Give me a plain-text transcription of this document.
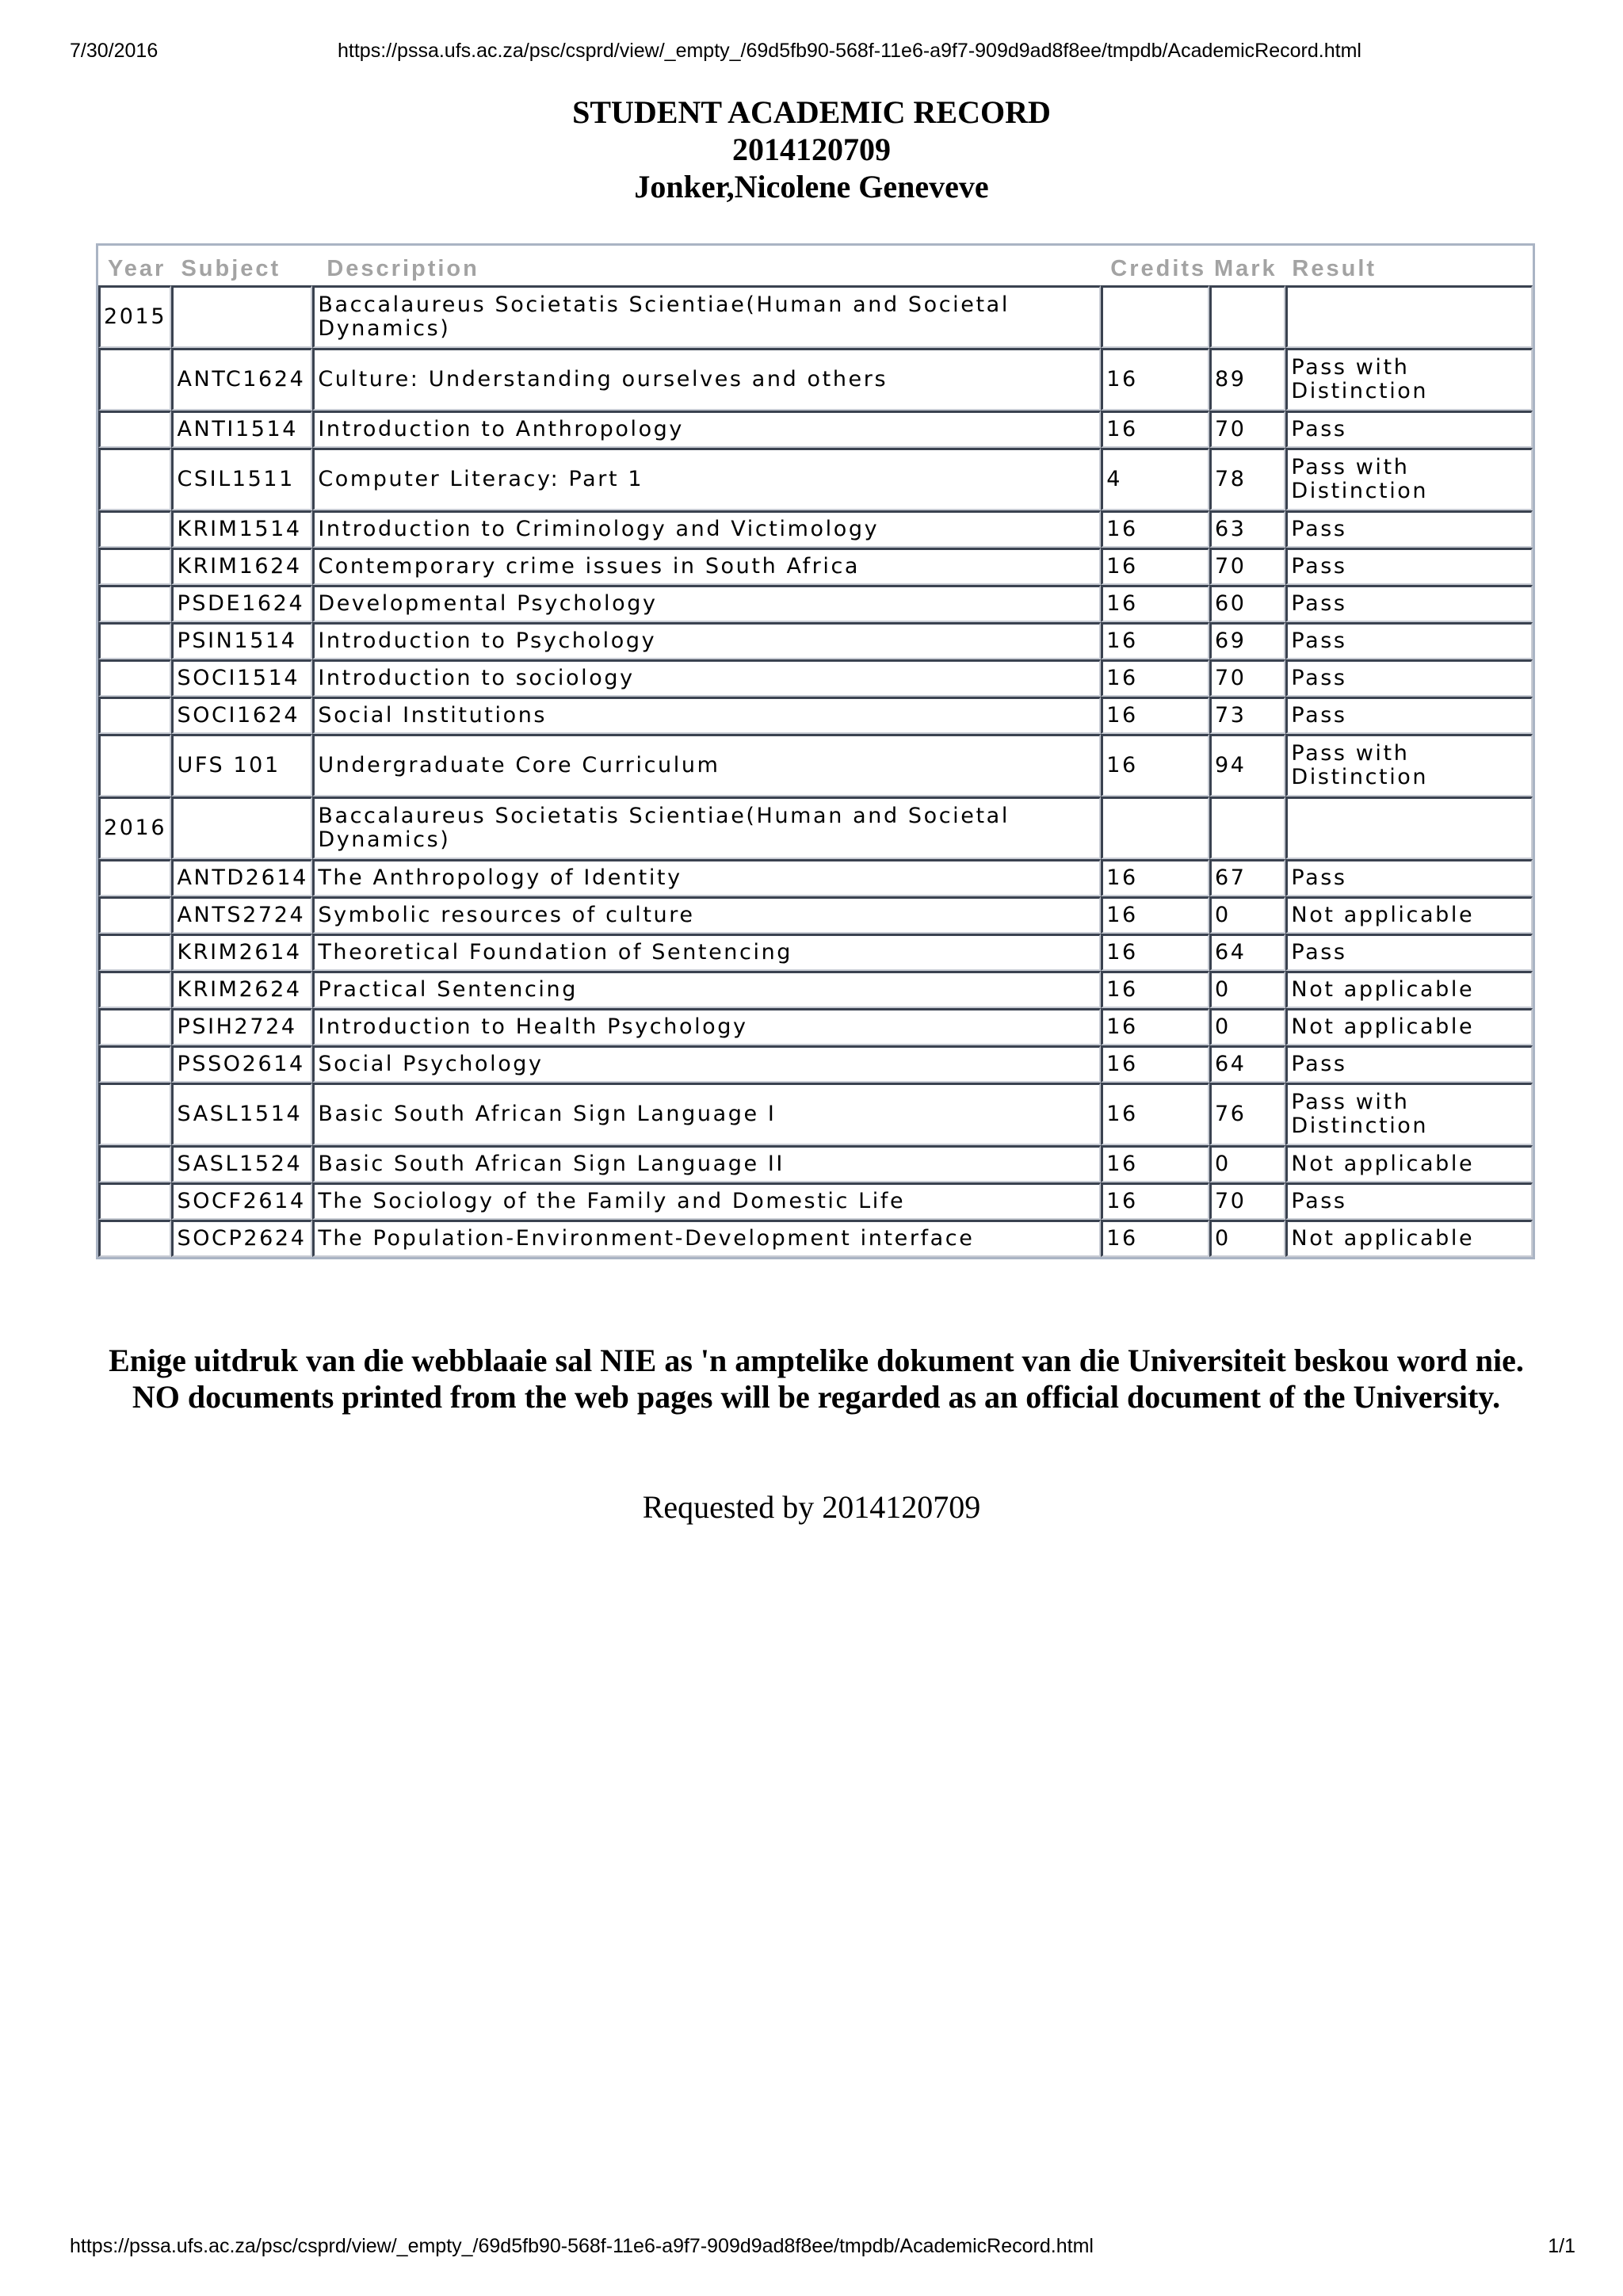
7/30/2016	https://pssa.ufs.ac.za/psc/csprd/view/_empty_/69d5fb90-568f-11e6-a9f7-909d9ad8f8ee/tmpdb/AcademicRecord.html
STUDENT ACADEMIC RECORD
2014120709
Jonker,Nicolene Geneveve
Year	Subject	Description	Credits	Mark	Result
2015		Baccalaureus Societatis Scientiae(Human and Societal Dynamics)			
	ANTC1624	Culture: Understanding ourselves and others	16	89	Pass with Distinction
	ANTI1514	Introduction to Anthropology	16	70	Pass
	CSIL1511	Computer Literacy: Part 1	4	78	Pass with Distinction
	KRIM1514	Introduction to Criminology and Victimology	16	63	Pass
	KRIM1624	Contemporary crime issues in South Africa	16	70	Pass
	PSDE1624	Developmental Psychology	16	60	Pass
	PSIN1514	Introduction to Psychology	16	69	Pass
	SOCI1514	Introduction to sociology	16	70	Pass
	SOCI1624	Social Institutions	16	73	Pass
	UFS 101	Undergraduate Core Curriculum	16	94	Pass with Distinction
2016		Baccalaureus Societatis Scientiae(Human and Societal Dynamics)			
	ANTD2614	The Anthropology of Identity	16	67	Pass
	ANTS2724	Symbolic resources of culture	16	0	Not applicable
	KRIM2614	Theoretical Foundation of Sentencing	16	64	Pass
	KRIM2624	Practical Sentencing	16	0	Not applicable
	PSIH2724	Introduction to Health Psychology	16	0	Not applicable
	PSSO2614	Social Psychology	16	64	Pass
	SASL1514	Basic South African Sign Language I	16	76	Pass with Distinction
	SASL1524	Basic South African Sign Language II	16	0	Not applicable
	SOCF2614	The Sociology of the Family and Domestic Life	16	70	Pass
	SOCP2624	The Population-Environment-Development interface	16	0	Not applicable
Enige uitdruk van die webblaaie sal NIE as 'n amptelike dokument van die Universiteit beskou word nie.
NO documents printed from the web pages will be regarded as an official document of the University.
Requested by 2014120709
https://pssa.ufs.ac.za/psc/csprd/view/_empty_/69d5fb90-568f-11e6-a9f7-909d9ad8f8ee/tmpdb/AcademicRecord.html	1/1
